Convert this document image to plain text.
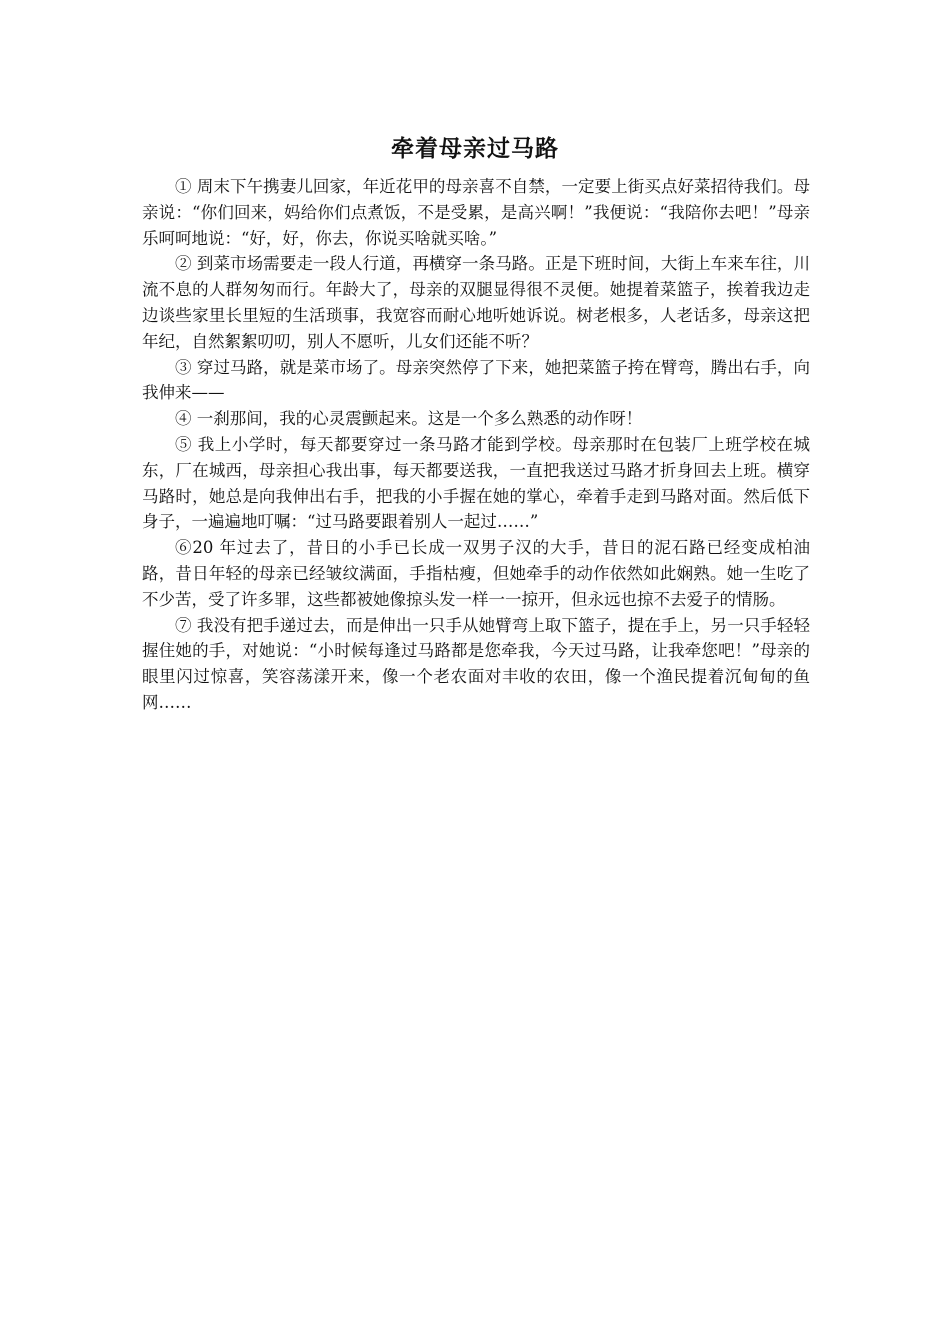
牵着母亲过马路

① 周末下午携妻儿回家，年近花甲的母亲喜不自禁，一定要上街买点好菜招待我们。母亲说：“你们回来，妈给你们点煮饭，不是受累，是高兴啊！”我便说：“我陪你去吧！”母亲乐呵呵地说：“好，好，你去，你说买啥就买啥。”

② 到菜市场需要走一段人行道，再横穿一条马路。正是下班时间，大街上车来车往，川流不息的人群匆匆而行。年龄大了，母亲的双腿显得很不灵便。她提着菜篮子，挨着我边走边谈些家里长里短的生活琐事，我宽容而耐心地听她诉说。树老根多，人老话多，母亲这把年纪，自然絮絮叨叨，别人不愿听，儿女们还能不听？

③ 穿过马路，就是菜市场了。母亲突然停了下来，她把菜篮子挎在臂弯，腾出右手，向我伸来——

④ 一刹那间，我的心灵震颤起来。这是一个多么熟悉的动作呀！

⑤ 我上小学时，每天都要穿过一条马路才能到学校。母亲那时在包装厂上班学校在城东，厂在城西，母亲担心我出事，每天都要送我，一直把我送过马路才折身回去上班。横穿马路时，她总是向我伸出右手，把我的小手握在她的掌心，牵着手走到马路对面。然后低下身子，一遍遍地叮嘱：“过马路要跟着别人一起过……”

⑥20 年过去了，昔日的小手已长成一双男子汉的大手，昔日的泥石路已经变成柏油路，昔日年轻的母亲已经皱纹满面，手指枯瘦，但她牵手的动作依然如此娴熟。她一生吃了不少苦，受了许多罪，这些都被她像掠头发一样一一掠开，但永远也掠不去爱子的情肠。

⑦ 我没有把手递过去，而是伸出一只手从她臂弯上取下篮子，提在手上，另一只手轻轻握住她的手，对她说：“小时候每逢过马路都是您牵我，今天过马路，让我牵您吧！”母亲的眼里闪过惊喜，笑容荡漾开来，像一个老农面对丰收的农田，像一个渔民提着沉甸甸的鱼网……
